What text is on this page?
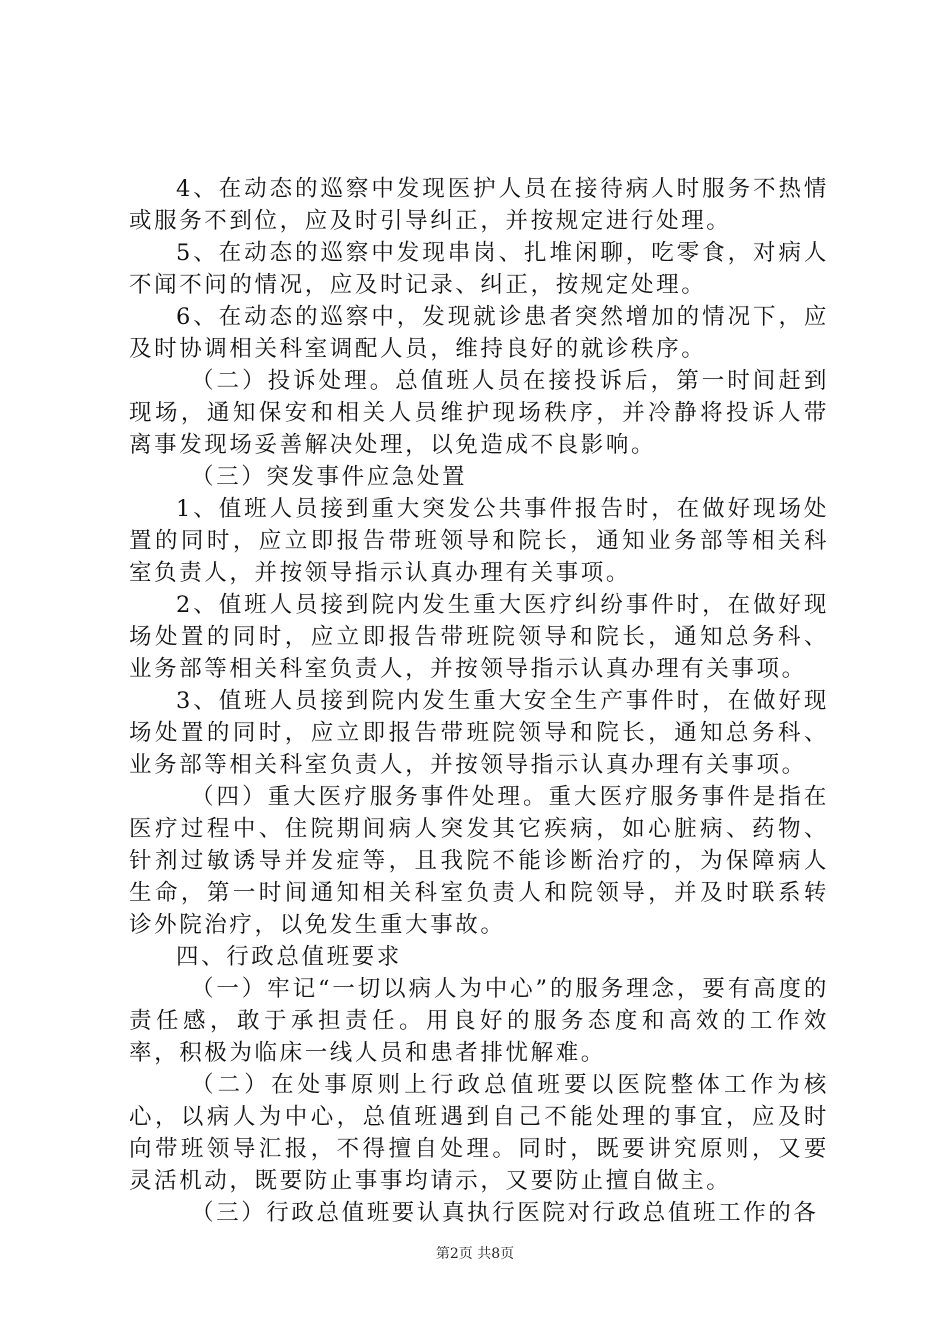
4、在动态的巡察中发现医护人员在接待病人时服务不热情或服务不到位，应及时引导纠正，并按规定进行处理。

5、在动态的巡察中发现串岗、扎堆闲聊，吃零食，对病人不闻不问的情况，应及时记录、纠正，按规定处理。

6、在动态的巡察中，发现就诊患者突然增加的情况下，应及时协调相关科室调配人员，维持良好的就诊秩序。

（二）投诉处理。总值班人员在接投诉后，第一时间赶到现场，通知保安和相关人员维护现场秩序，并冷静将投诉人带离事发现场妥善解决处理，以免造成不良影响。

（三）突发事件应急处置

1、值班人员接到重大突发公共事件报告时，在做好现场处置的同时，应立即报告带班领导和院长，通知业务部等相关科室负责人，并按领导指示认真办理有关事项。

2、值班人员接到院内发生重大医疗纠纷事件时，在做好现场处置的同时，应立即报告带班院领导和院长，通知总务科、业务部等相关科室负责人，并按领导指示认真办理有关事项。

3、值班人员接到院内发生重大安全生产事件时，在做好现场处置的同时，应立即报告带班院领导和院长，通知总务科、业务部等相关科室负责人，并按领导指示认真办理有关事项。

（四）重大医疗服务事件处理。重大医疗服务事件是指在医疗过程中、住院期间病人突发其它疾病，如心脏病、药物、针剂过敏诱导并发症等，且我院不能诊断治疗的，为保障病人生命，第一时间通知相关科室负责人和院领导，并及时联系转诊外院治疗，以免发生重大事故。

四、行政总值班要求

（一）牢记“一切以病人为中心”的服务理念，要有高度的责任感，敢于承担责任。用良好的服务态度和高效的工作效率，积极为临床一线人员和患者排忧解难。

（二）在处事原则上行政总值班要以医院整体工作为核心，以病人为中心，总值班遇到自己不能处理的事宜，应及时向带班领导汇报，不得擅自处理。同时，既要讲究原则，又要灵活机动，既要防止事事均请示，又要防止擅自做主。

（三）行政总值班要认真执行医院对行政总值班工作的各

第2页 共8页
